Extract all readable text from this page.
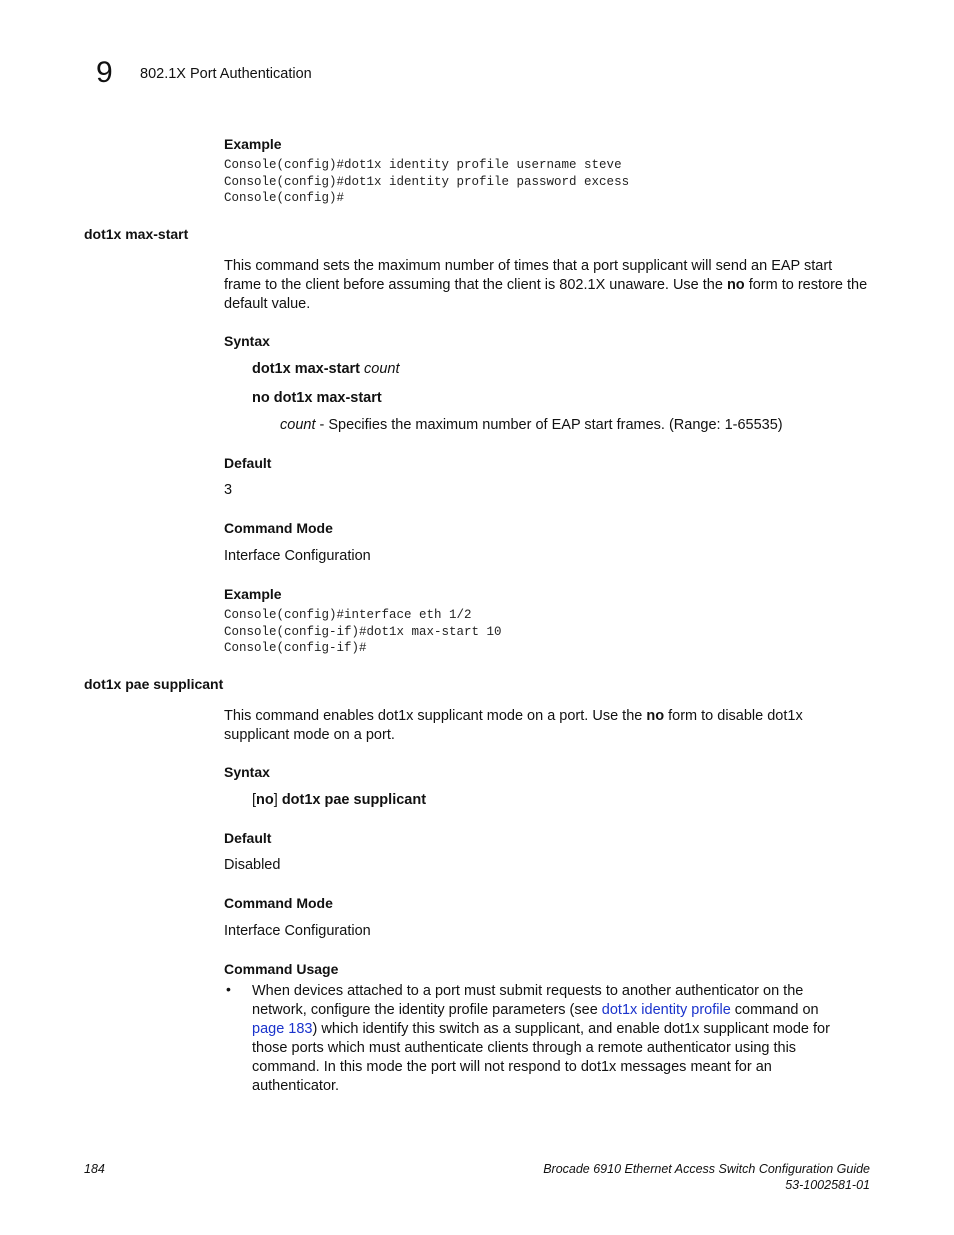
9 802.1X Port Authentication
Example
Console(config)#dot1x identity profile username steve
Console(config)#dot1x identity profile password excess
Console(config)#
dot1x max-start
This command sets the maximum number of times that a port supplicant will send an EAP start frame to the client before assuming that the client is 802.1X unaware. Use the no form to restore the default value.
Syntax
dot1x max-start count
no dot1x max-start
count - Specifies the maximum number of EAP start frames. (Range: 1-65535)
Default
3
Command Mode
Interface Configuration
Example
Console(config)#interface eth 1/2
Console(config-if)#dot1x max-start 10
Console(config-if)#
dot1x pae supplicant
This command enables dot1x supplicant mode on a port. Use the no form to disable dot1x supplicant mode on a port.
Syntax
[no] dot1x pae supplicant
Default
Disabled
Command Mode
Interface Configuration
Command Usage
• When devices attached to a port must submit requests to another authenticator on the network, configure the identity profile parameters (see dot1x identity profile command on page 183) which identify this switch as a supplicant, and enable dot1x supplicant mode for those ports which must authenticate clients through a remote authenticator using this command. In this mode the port will not respond to dot1x messages meant for an authenticator.
184	Brocade 6910 Ethernet Access Switch Configuration Guide
53-1002581-01
